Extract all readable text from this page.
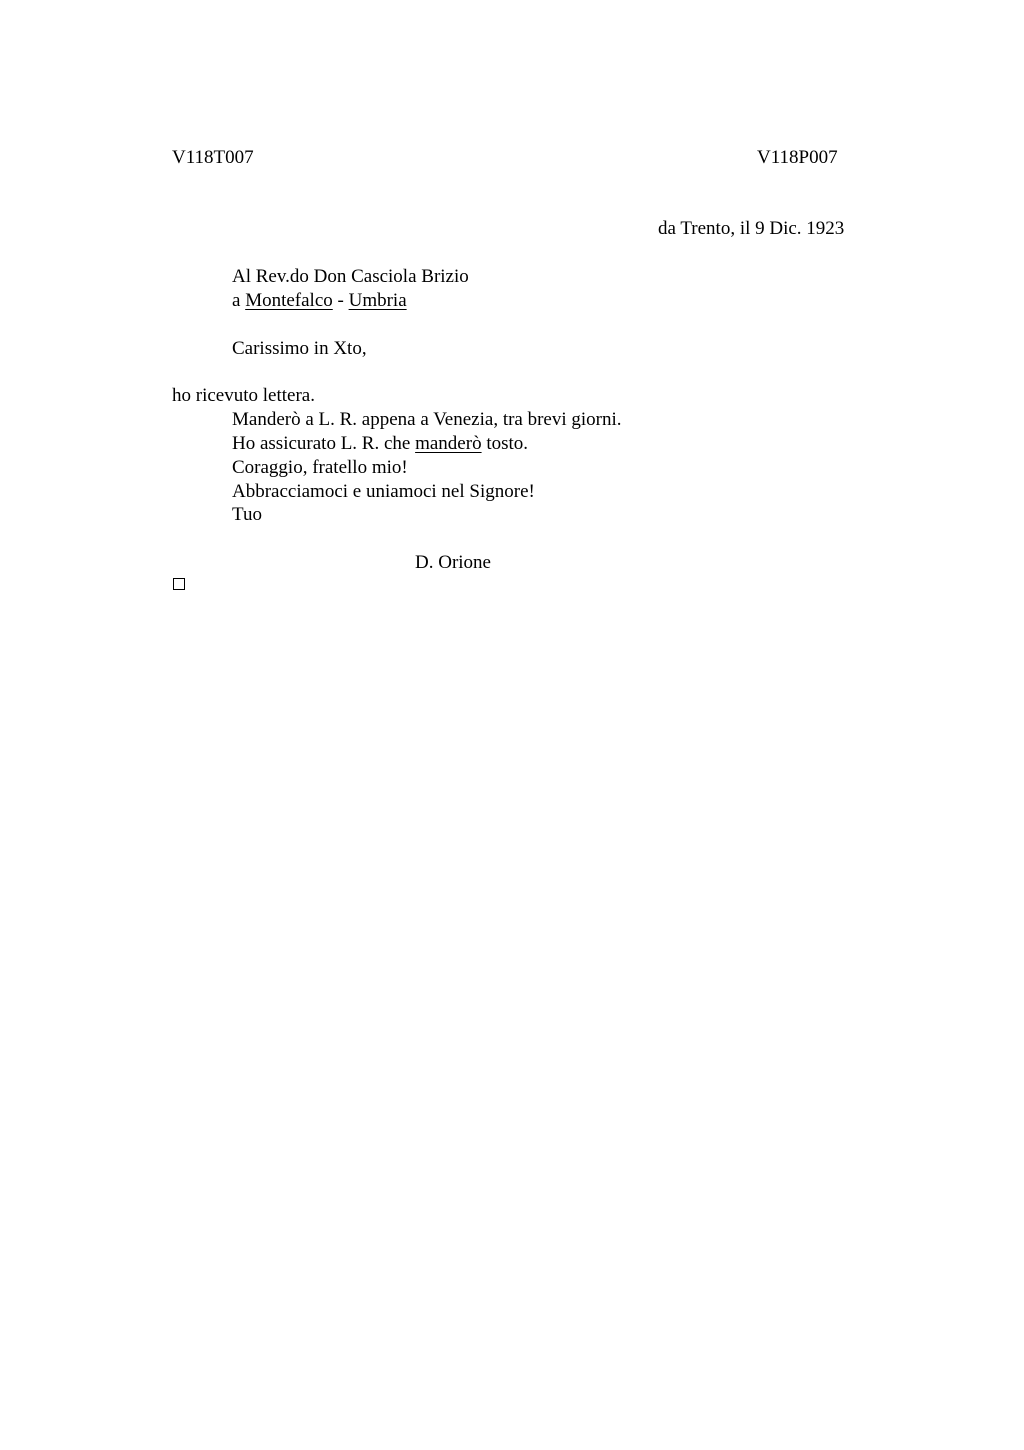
V118T007	V118P007
da Trento, il 9 Dic. 1923
Al Rev.do Don Casciola Brizio
a Montefalco - Umbria
Carissimo in Xto,
ho ricevuto lettera.
Manderò a L. R. appena a Venezia, tra brevi giorni.
Ho assicurato L. R. che manderò tosto.
Coraggio, fratello mio!
Abbracciamoci e uniamoci nel Signore!
Tuo
D. Orione
